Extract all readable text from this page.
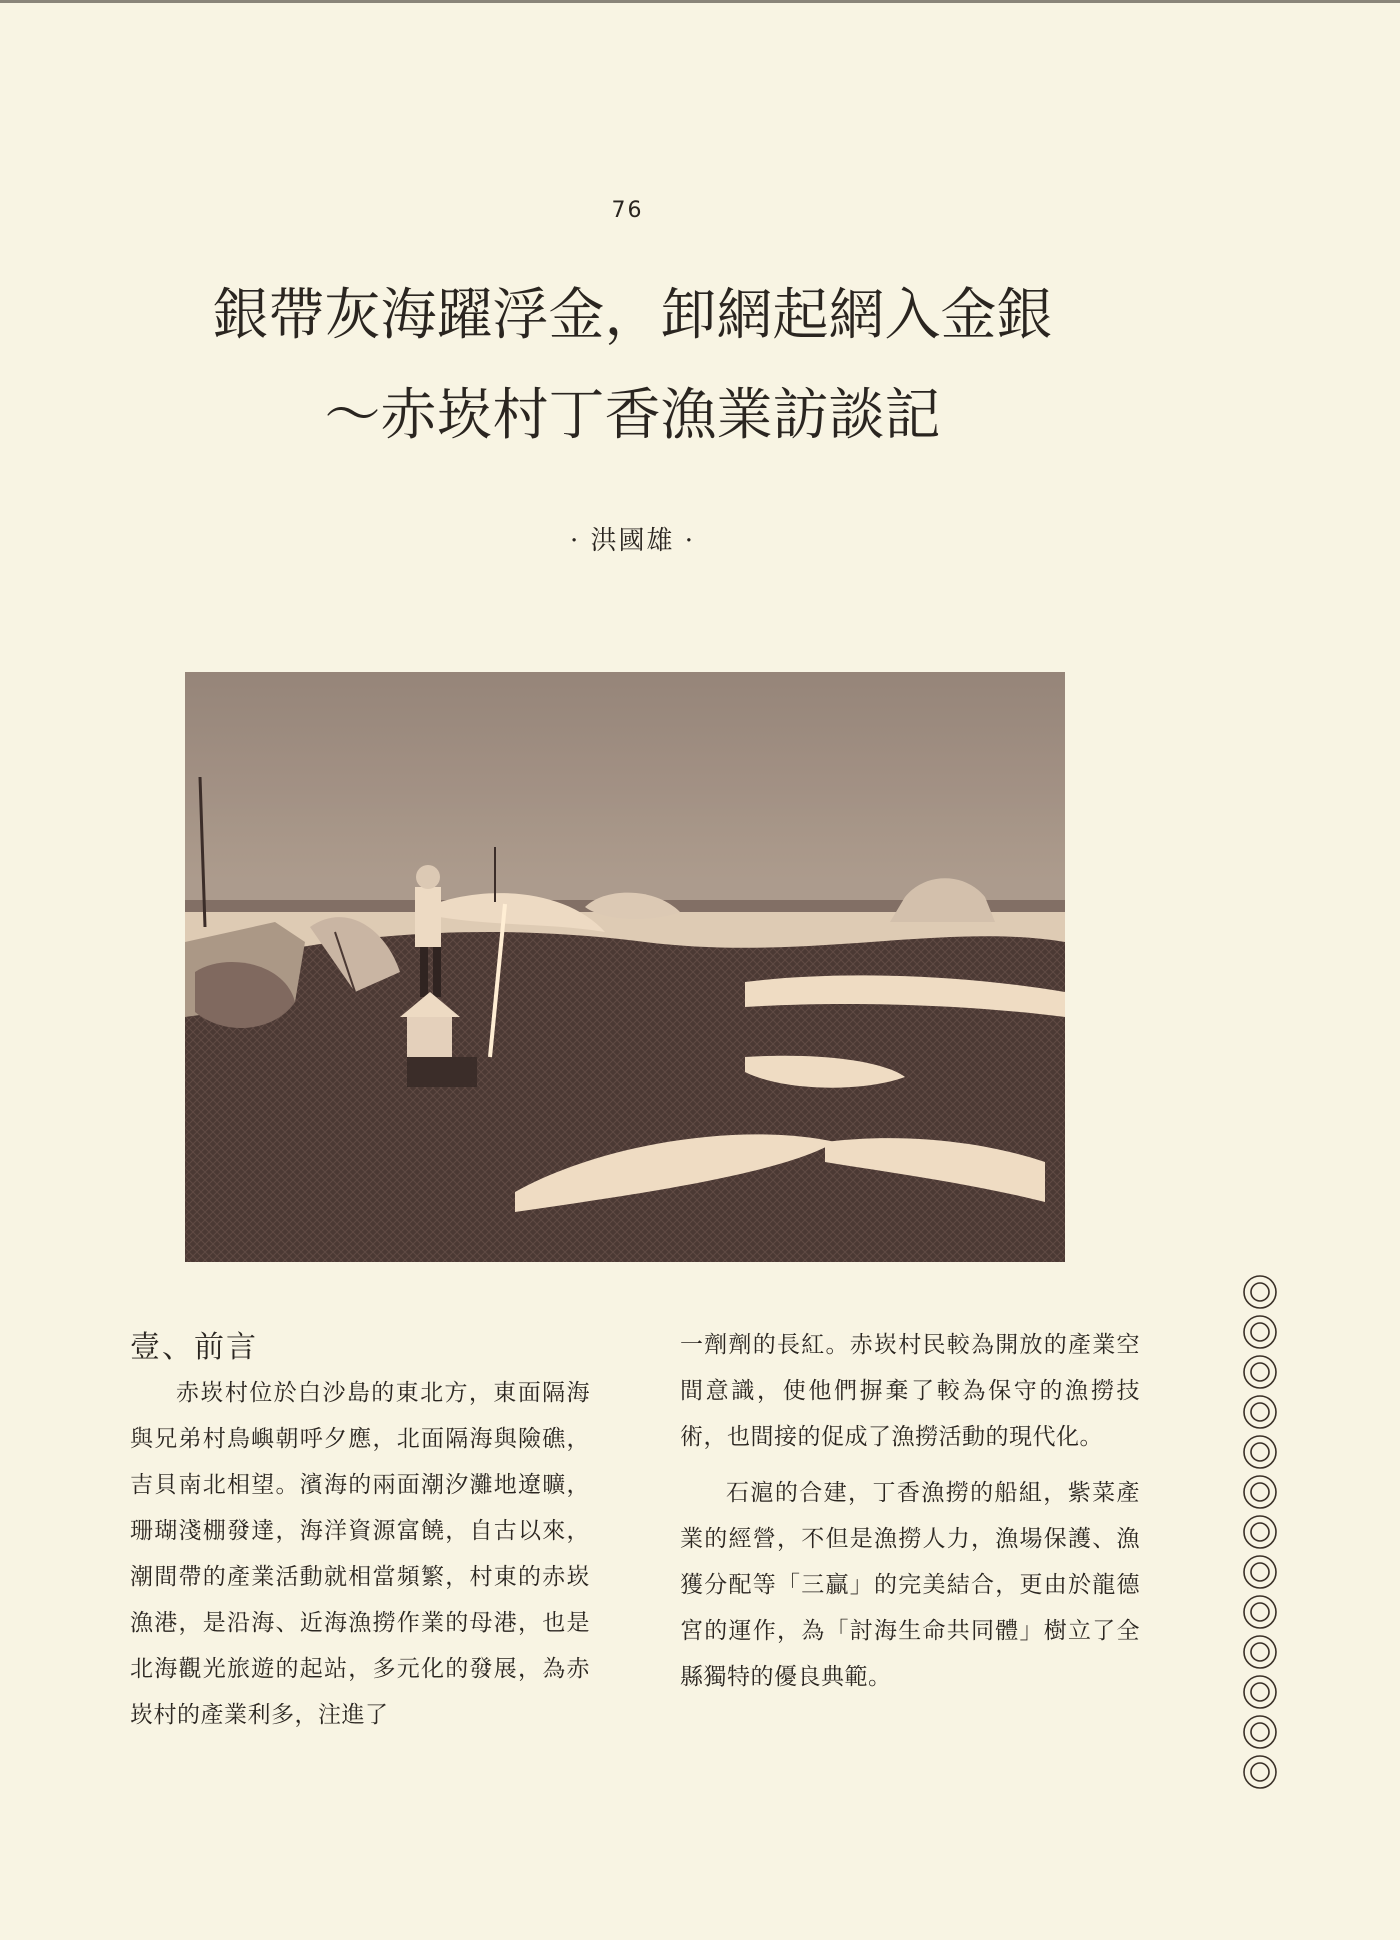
76
銀帶灰海躍浮金，卸網起網入金銀
～赤崁村丁香漁業訪談記
· 洪國雄 ·
壹、前言

赤崁村位於白沙島的東北方，東面隔海與兄弟村鳥嶼朝呼夕應，北面隔海與險礁，吉貝南北相望。濱海的兩面潮汐灘地遼曠，珊瑚淺棚發達，海洋資源富饒，自古以來，潮間帶的產業活動就相當頻繁，村東的赤崁漁港，是沿海、近海漁撈作業的母港，也是北海觀光旅遊的起站，多元化的發展，為赤崁村的產業利多，注進了

一劑劑的長紅。赤崁村民較為開放的產業空間意識，使他們摒棄了較為保守的漁撈技術，也間接的促成了漁撈活動的現代化。

石滬的合建，丁香漁撈的船組，紫菜產業的經營，不但是漁撈人力，漁場保護、漁獲分配等「三贏」的完美結合，更由於龍德宮的運作，為「討海生命共同體」樹立了全縣獨特的優良典範。
